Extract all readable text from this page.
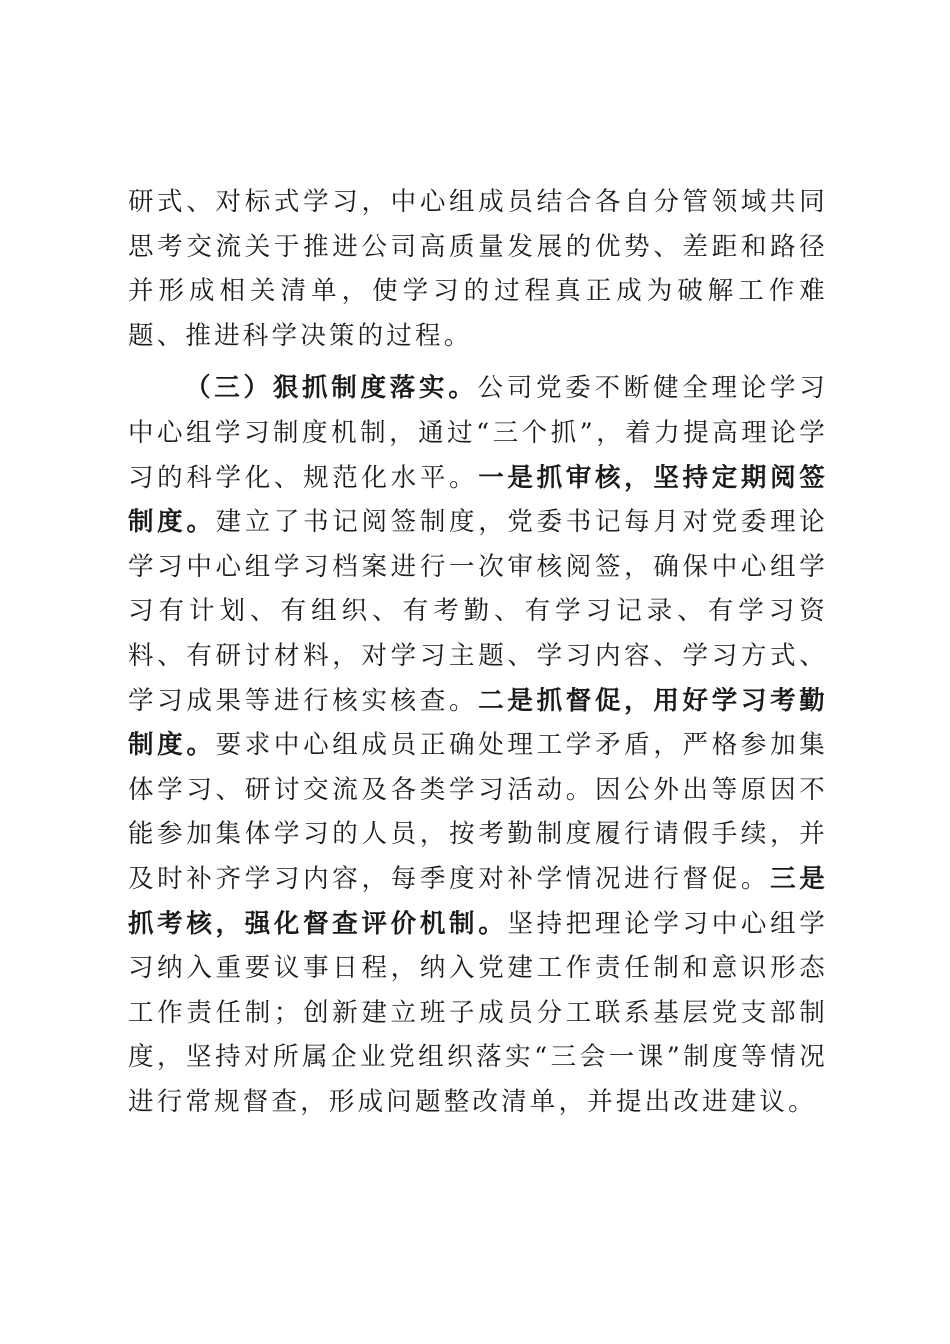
研式、对标式学习，中心组成员结合各自分管领域共同思考交流关于推进公司高质量发展的优势、差距和路径并形成相关清单，使学习的过程真正成为破解工作难题、推进科学决策的过程。

（三）狠抓制度落实。公司党委不断健全理论学习中心组学习制度机制，通过“三个抓”，着力提高理论学习的科学化、规范化水平。一是抓审核，坚持定期阅签制度。建立了书记阅签制度，党委书记每月对党委理论学习中心组学习档案进行一次审核阅签，确保中心组学习有计划、有组织、有考勤、有学习记录、有学习资料、有研讨材料，对学习主题、学习内容、学习方式、学习成果等进行核实核查。二是抓督促，用好学习考勤制度。要求中心组成员正确处理工学矛盾，严格参加集体学习、研讨交流及各类学习活动。因公外出等原因不能参加集体学习的人员，按考勤制度履行请假手续，并及时补齐学习内容，每季度对补学情况进行督促。三是抓考核，强化督查评价机制。坚持把理论学习中心组学习纳入重要议事日程，纳入党建工作责任制和意识形态工作责任制；创新建立班子成员分工联系基层党支部制度，坚持对所属企业党组织落实“三会一课”制度等情况进行常规督查，形成问题整改清单，并提出改进建议。
